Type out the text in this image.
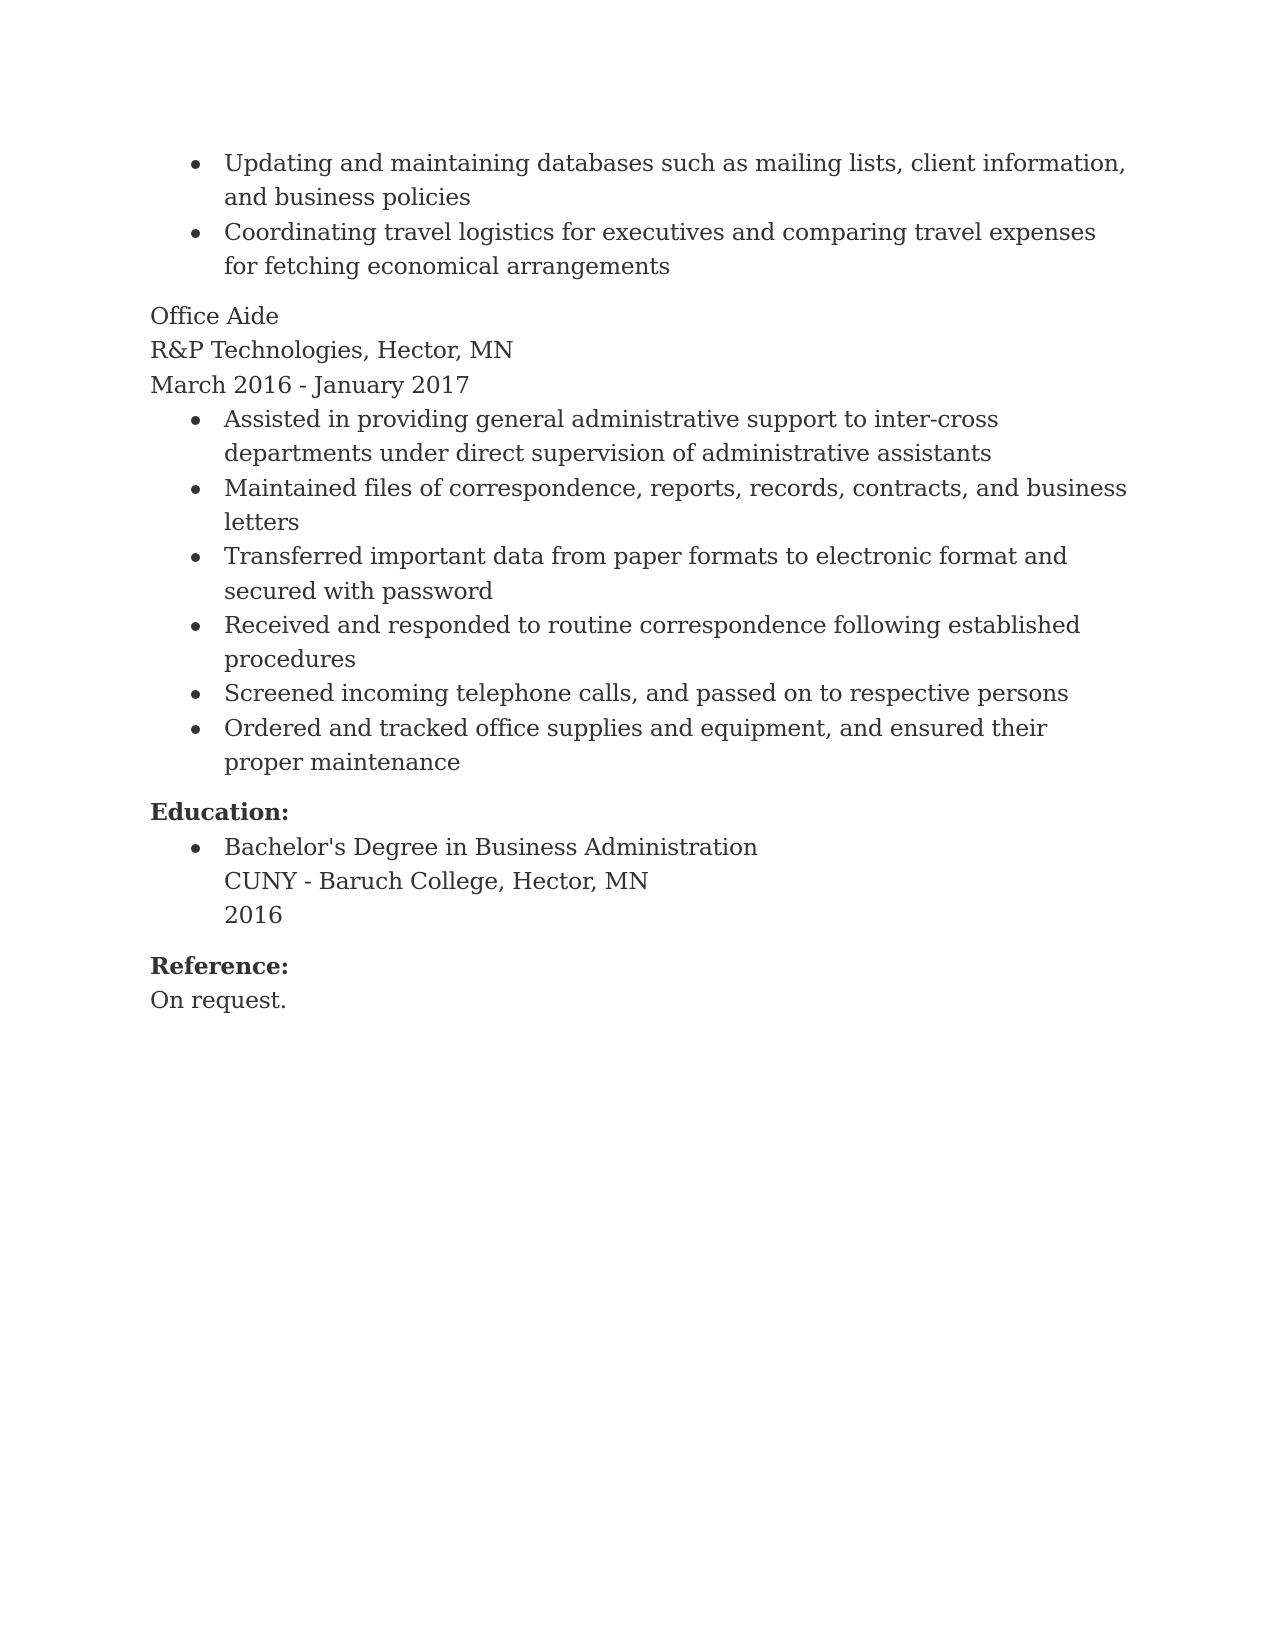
Updating and maintaining databases such as mailing lists, client information, and business policies
Coordinating travel logistics for executives and comparing travel expenses for fetching economical arrangements
Office Aide
R&P Technologies, Hector, MN
March 2016 - January 2017
Assisted in providing general administrative support to inter-cross departments under direct supervision of administrative assistants
Maintained files of correspondence, reports, records, contracts, and business letters
Transferred important data from paper formats to electronic format and secured with password
Received and responded to routine correspondence following established procedures
Screened incoming telephone calls, and passed on to respective persons
Ordered and tracked office supplies and equipment, and ensured their proper maintenance
Education:
Bachelor's Degree in Business Administration
CUNY - Baruch College, Hector, MN
2016
Reference:
On request.
